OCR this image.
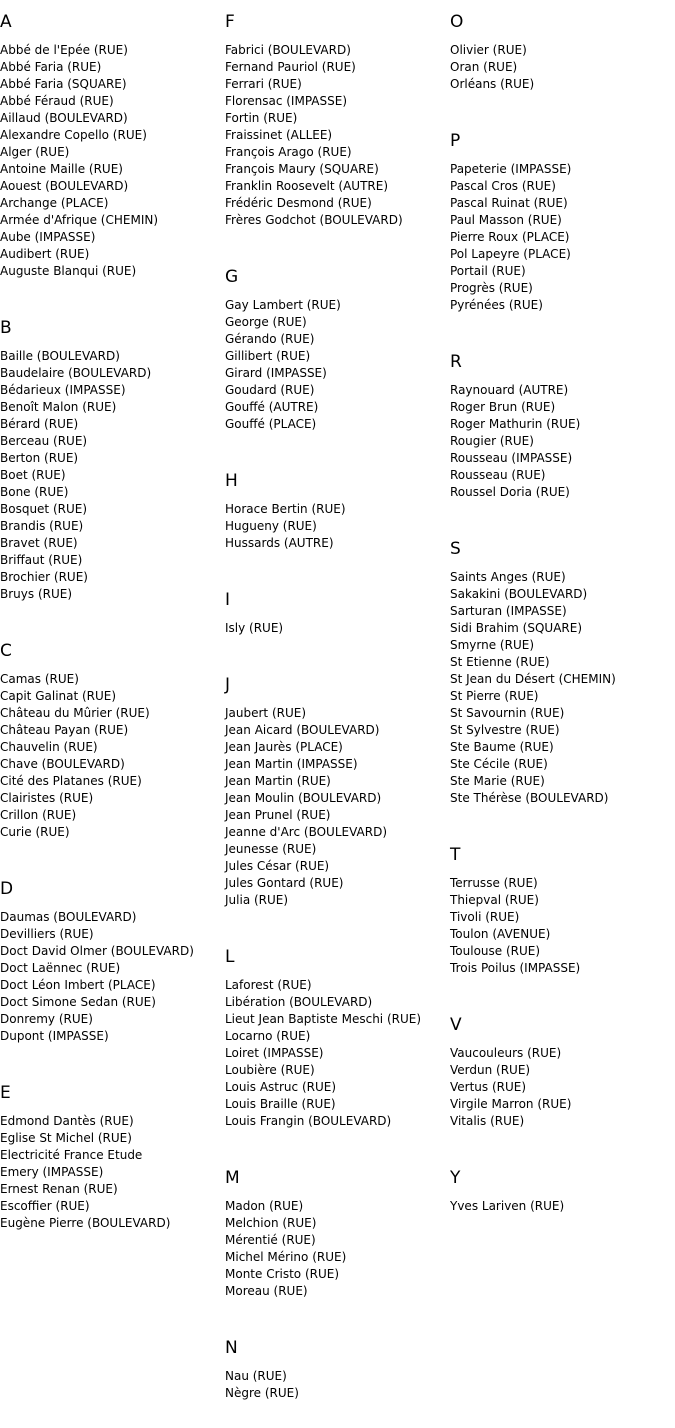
A
Abbé de l'Epée (RUE)
Abbé Faria (RUE)
Abbé Faria (SQUARE)
Abbé Féraud (RUE)
Aillaud (BOULEVARD)
Alexandre Copello (RUE)
Alger (RUE)
Antoine Maille (RUE)
Aouest (BOULEVARD)
Archange (PLACE)
Armée d'Afrique (CHEMIN)
Aube (IMPASSE)
Audibert (RUE)
Auguste Blanqui (RUE)
B
Baille (BOULEVARD)
Baudelaire (BOULEVARD)
Bédarieux (IMPASSE)
Benoît Malon (RUE)
Bérard (RUE)
Berceau (RUE)
Berton (RUE)
Boet (RUE)
Bone (RUE)
Bosquet (RUE)
Brandis (RUE)
Bravet (RUE)
Briffaut (RUE)
Brochier (RUE)
Bruys (RUE)
C
Camas (RUE)
Capit Galinat (RUE)
Château du Mûrier (RUE)
Château Payan (RUE)
Chauvelin (RUE)
Chave (BOULEVARD)
Cité des Platanes (RUE)
Clairistes (RUE)
Crillon (RUE)
Curie (RUE)
D
Daumas (BOULEVARD)
Devilliers (RUE)
Doct David Olmer (BOULEVARD)
Doct Laënnec (RUE)
Doct Léon Imbert (PLACE)
Doct Simone Sedan (RUE)
Donremy (RUE)
Dupont (IMPASSE)
E
Edmond Dantès (RUE)
Eglise St Michel (RUE)
Electricité France Etude
Emery (IMPASSE)
Ernest Renan (RUE)
Escoffier (RUE)
Eugène Pierre (BOULEVARD)
F
Fabrici (BOULEVARD)
Fernand Pauriol (RUE)
Ferrari (RUE)
Florensac (IMPASSE)
Fortin (RUE)
Fraissinet (ALLEE)
François Arago (RUE)
François Maury (SQUARE)
Franklin Roosevelt (AUTRE)
Frédéric Desmond (RUE)
Frères Godchot (BOULEVARD)
G
Gay Lambert (RUE)
George (RUE)
Gérando (RUE)
Gillibert (RUE)
Girard (IMPASSE)
Goudard (RUE)
Gouffé (AUTRE)
Gouffé (PLACE)
H
Horace Bertin (RUE)
Hugueny (RUE)
Hussards (AUTRE)
I
Isly (RUE)
J
Jaubert (RUE)
Jean Aicard (BOULEVARD)
Jean Jaurès (PLACE)
Jean Martin (IMPASSE)
Jean Martin (RUE)
Jean Moulin (BOULEVARD)
Jean Prunel (RUE)
Jeanne d'Arc (BOULEVARD)
Jeunesse (RUE)
Jules César (RUE)
Jules Gontard (RUE)
Julia (RUE)
L
Laforest (RUE)
Libération (BOULEVARD)
Lieut Jean Baptiste Meschi (RUE)
Locarno (RUE)
Loiret (IMPASSE)
Loubière (RUE)
Louis Astruc (RUE)
Louis Braille (RUE)
Louis Frangin (BOULEVARD)
M
Madon (RUE)
Melchion (RUE)
Mérentié (RUE)
Michel Mérino (RUE)
Monte Cristo (RUE)
Moreau (RUE)
N
Nau (RUE)
Nègre (RUE)
O
Olivier (RUE)
Oran (RUE)
Orléans (RUE)
P
Papeterie (IMPASSE)
Pascal Cros (RUE)
Pascal Ruinat (RUE)
Paul Masson (RUE)
Pierre Roux (PLACE)
Pol Lapeyre (PLACE)
Portail (RUE)
Progrès (RUE)
Pyrénées (RUE)
R
Raynouard (AUTRE)
Roger Brun (RUE)
Roger Mathurin (RUE)
Rougier (RUE)
Rousseau (IMPASSE)
Rousseau (RUE)
Roussel Doria (RUE)
S
Saints Anges (RUE)
Sakakini (BOULEVARD)
Sarturan (IMPASSE)
Sidi Brahim (SQUARE)
Smyrne (RUE)
St Etienne (RUE)
St Jean du Désert (CHEMIN)
St Pierre (RUE)
St Savournin (RUE)
St Sylvestre (RUE)
Ste Baume (RUE)
Ste Cécile (RUE)
Ste Marie (RUE)
Ste Thérèse (BOULEVARD)
T
Terrusse (RUE)
Thiepval (RUE)
Tivoli (RUE)
Toulon (AVENUE)
Toulouse (RUE)
Trois Poilus (IMPASSE)
V
Vaucouleurs (RUE)
Verdun (RUE)
Vertus (RUE)
Virgile Marron (RUE)
Vitalis (RUE)
Y
Yves Lariven (RUE)
